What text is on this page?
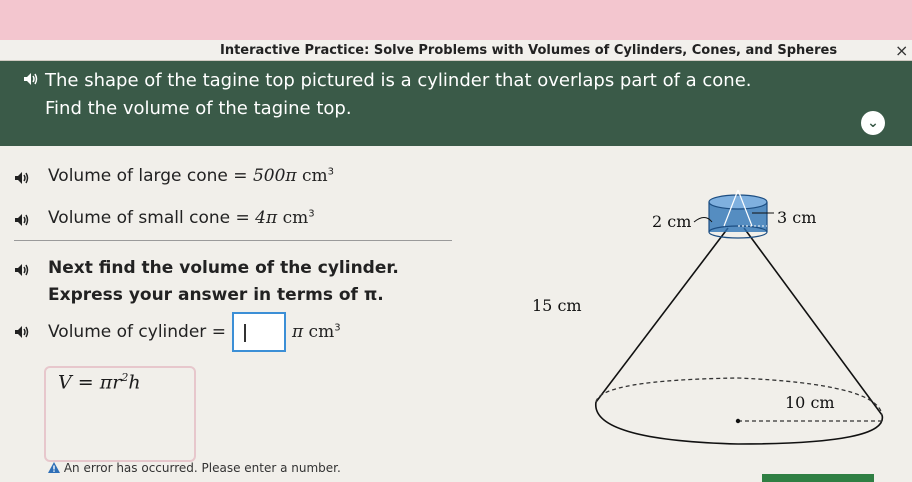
Interactive Practice: Solve Problems with Volumes of Cylinders, Cones, and Spheres	×
The shape of the tagine top pictured is a cylinder that overlaps part of a cone.
Find the volume of the tagine top.
⌄
Volume of large cone = 500π $cm^3$
Volume of small cone = 4π $cm^3$
Next find the volume of the cylinder.
Express your answer in terms of π.
Volume of cylinder =	π $cm^3$
$V = \pi r^2h$
An error has occurred. Please enter a number.
2 cm	3 cm
15 cm
10 cm
